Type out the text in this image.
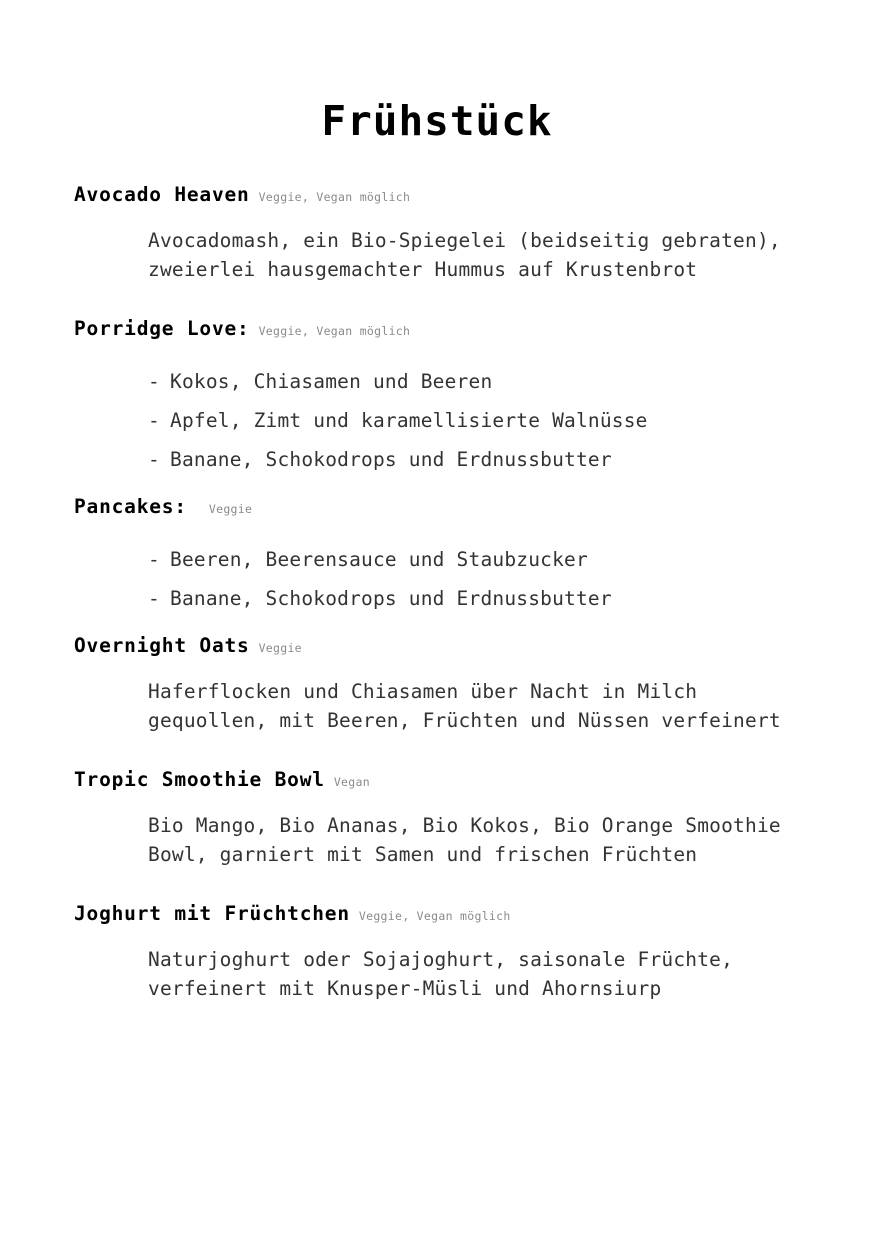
Frühstück
Avocado Heaven Veggie, Vegan möglich
Avocadomash, ein Bio-Spiegelei (beidseitig gebraten), zweierlei hausgemachter Hummus auf Krustenbrot
Porridge Love: Veggie, Vegan möglich
- Kokos, Chiasamen und Beeren
- Apfel, Zimt und karamellisierte Walnüsse
- Banane, Schokodrops und Erdnussbutter
Pancakes: Veggie
- Beeren, Beerensauce und Staubzucker
- Banane, Schokodrops und Erdnussbutter
Overnight Oats Veggie
Haferflocken und Chiasamen über Nacht in Milch gequollen, mit Beeren, Früchten und Nüssen verfeinert
Tropic Smoothie Bowl Vegan
Bio Mango, Bio Ananas, Bio Kokos, Bio Orange Smoothie Bowl, garniert mit Samen und frischen Früchten
Joghurt mit Früchtchen Veggie, Vegan möglich
Naturjoghurt oder Sojajoghurt, saisonale Früchte, verfeinert mit Knusper-Müsli und Ahornsiurp
